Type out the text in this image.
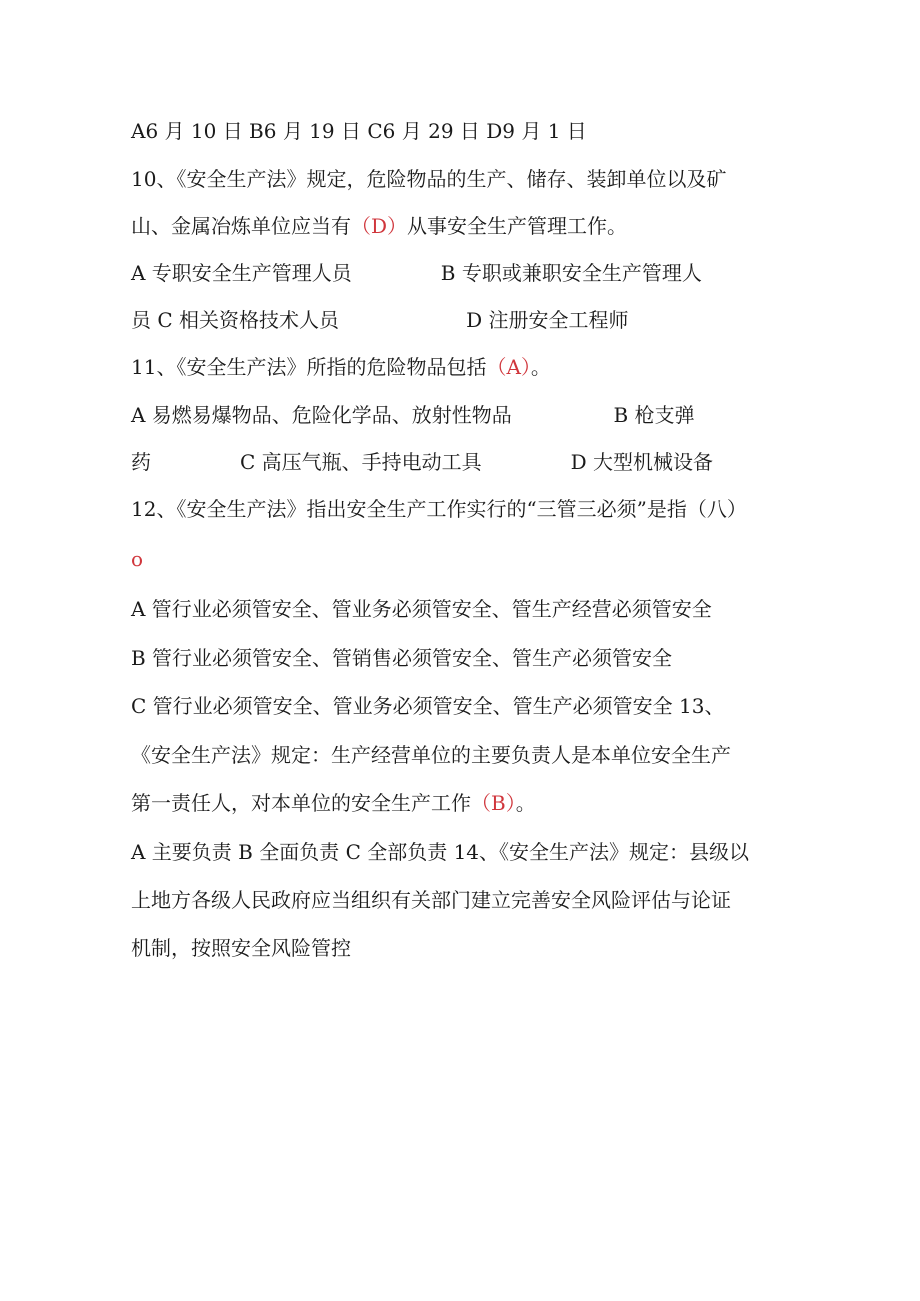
A6 月 10 日 B6 月 19 日 C6 月 29 日 D9 月 1 日

10、《安全生产法》规定，危险物品的生产、储存、装卸单位以及矿

山、金属冶炼单位应当有（D）从事安全生产管理工作。

A 专职安全生产管理人员              B 专职或兼职安全生产管理人

员 C 相关资格技术人员                    D 注册安全工程师

11、《安全生产法》所指的危险物品包括（A）。

A 易燃易爆物品、危险化学品、放射性物品                B 枪支弹

药              C 高压气瓶、手持电动工具              D 大型机械设备

12、《安全生产法》指出安全生产工作实行的“三管三必须”是指（八）

o

A 管行业必须管安全、管业务必须管安全、管生产经营必须管安全

B 管行业必须管安全、管销售必须管安全、管生产必须管安全

C 管行业必须管安全、管业务必须管安全、管生产必须管安全 13、

《安全生产法》规定：生产经营单位的主要负责人是本单位安全生产

第一责任人，对本单位的安全生产工作（B）。

A 主要负责 B 全面负责 C 全部负责 14、《安全生产法》规定：县级以

上地方各级人民政府应当组织有关部门建立完善安全风险评估与论证

机制，按照安全风险管控
